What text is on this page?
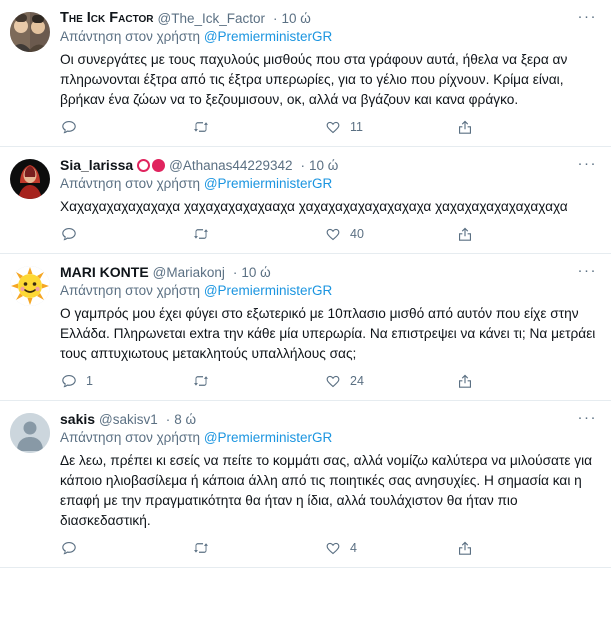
The Ick Factor @The_Ick_Factor · 10 ώ
Απάντηση στον χρήστη @PremierministerGR
Οι συνεργάτες με τους παχυλούς μισθούς που στα γράφουν αυτά, ήθελα να ξερα αν πληρωνονται έξτρα από τις έξτρα υπερωρίες, για το γέλιο που ρίχνουν. Κρίμα είναι, βρήκαν ένα ζώων να το ξεζουμισουν, οκ, αλλά να βγάζουν και κανα φράγκο.
11
···
Sia_larissa	@Athanas44229342 · 10 ώ
Απάντηση στον χρήστη @PremierministerGR
Χαχαχαχαχαχαχαχα χαχαχαχαχαχααχα χαχαχαχαχαχαχαχαχα χαχαχαχαχαχαχαχαχα
40
···
MARI KONTE @Mariakonj · 10 ώ
Απάντηση στον χρήστη @PremierministerGR
Ο γαμπρός μου έχει φύγει στο εξωτερικό με 10πλασιο μισθό από αυτόν που είχε στην Ελλάδα. Πληρωνεται extra την κάθε μία υπερωρία. Να επιστρεψει να κάνει τι; Να μετράει τους απτυχιωτους μετακλητούς υπαλλήλους σας;
1	24
···
sakis @sakisv1 · 8 ώ
Απάντηση στον χρήστη @PremierministerGR
Δε λεω, πρέπει κι εσείς να πείτε το κομμάτι σας, αλλά νομίζω καλύτερα να μιλούσατε για κάποιο ηλιοβασίλεμα ή κάποια άλλη από τις ποιητικές σας ανησυχίες. Η σημασία και η επαφή με την πραγματικότητα θα ήταν η ίδια, αλλά τουλάχιστον θα ήταν πιο διασκεδαστική.
4
···
